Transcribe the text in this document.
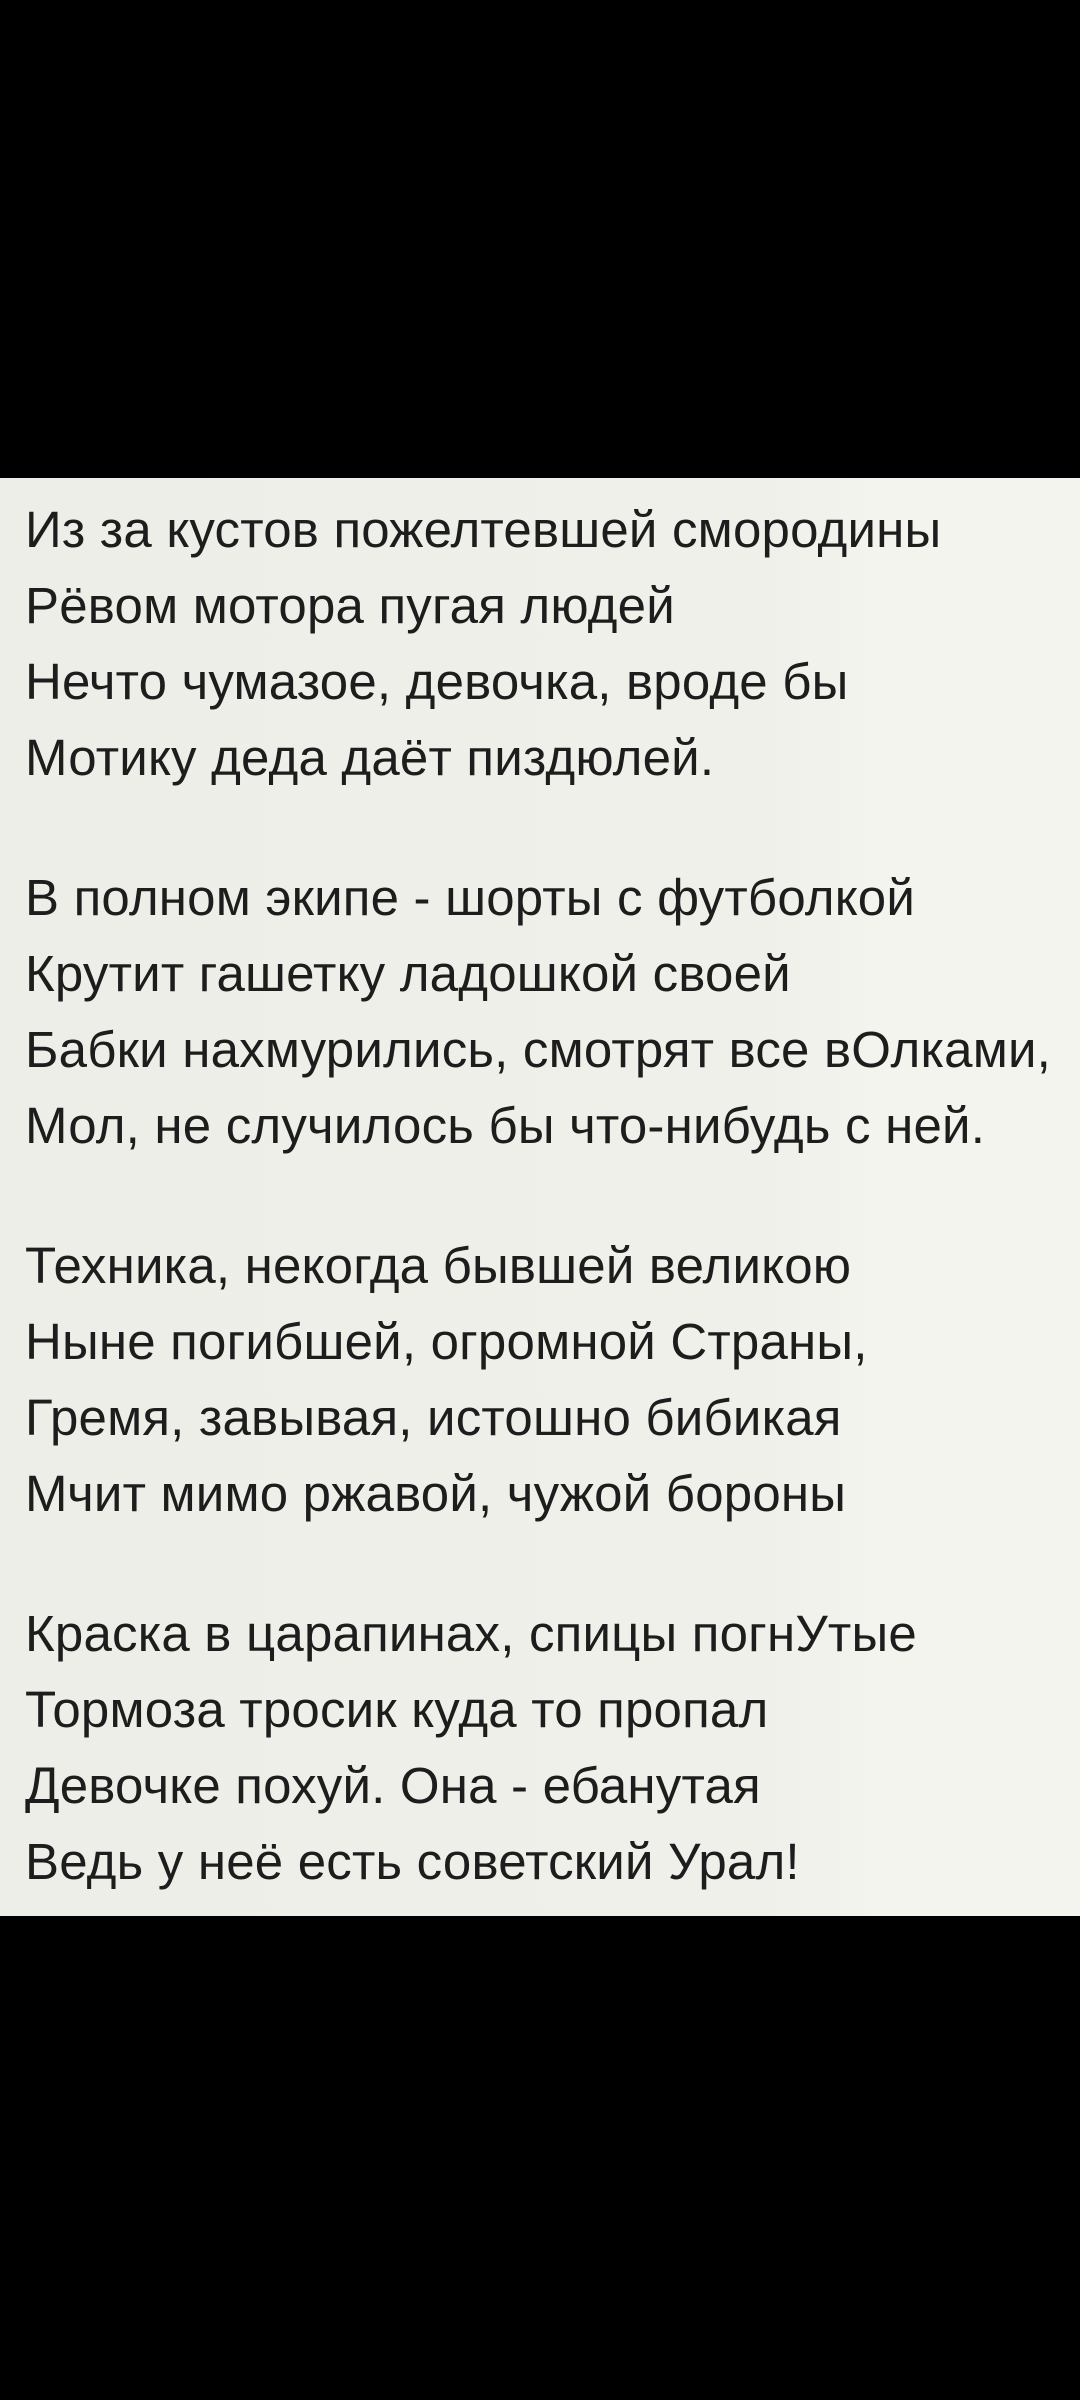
Из за кустов пожелтевшей смородины
Рёвом мотора пугая людей
Нечто чумазое, девочка, вроде бы
Мотику деда даёт пиздюлей.
В полном экипе - шорты с футболкой
Крутит гашетку ладошкой своей
Бабки нахмурились, смотрят все вОлками,
Мол, не случилось бы что-нибудь с ней.
Техника, некогда бывшей великою
Ныне погибшей, огромной Страны,
Гремя, завывая, истошно бибикая
Мчит мимо ржавой, чужой бороны
Краска в царапинах, спицы погнУтые
Тормоза тросик куда то пропал
Девочке похуй. Она - ебанутая
Ведь у неё есть советский Урал!
